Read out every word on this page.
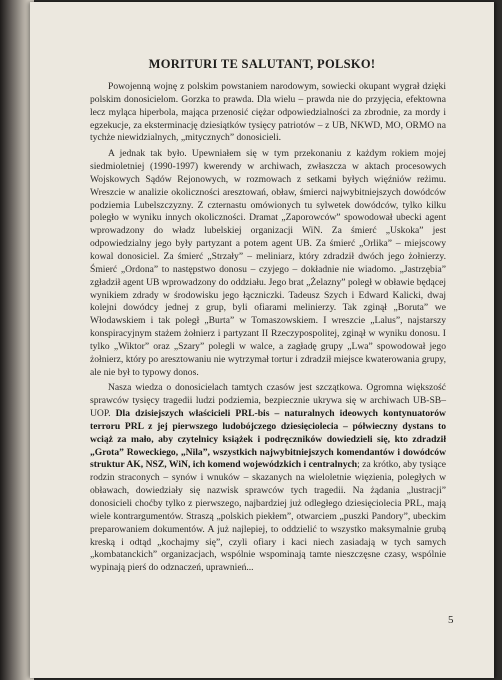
MORITURI TE SALUTANT, POLSKO!

Powojenną wojnę z polskim powstaniem narodowym, sowiecki okupant wygrał dzięki polskim donosicielom. Gorzka to prawda. Dla wielu – prawda nie do przyjęcia, efektowna lecz myląca hiperbola, mająca przenosić ciężar odpowiedzialności za zbrodnie, za mordy i egzekucje, za eksterminację dziesiątków tysięcy patriotów – z UB, NKWD, MO, ORMO na tychże niewidzialnych, „mitycznych” donosicieli.

A jednak tak było. Upewniałem się w tym przekonaniu z każdym rokiem mojej siedmioletniej (1990-1997) kwerendy w archiwach, zwłaszcza w aktach procesowych Wojskowych Sądów Rejonowych, w rozmowach z setkami byłych więźniów reżimu. Wreszcie w analizie okoliczności aresztowań, obław, śmierci najwybitniejszych dowódców podziemia Lubelszczyzny. Z czternastu omówionych tu sylwetek dowódców, tylko kilku poległo w wyniku innych okoliczności. Dramat „Zaporowców” spowodował ubecki agent wprowadzony do władz lubelskiej organizacji WiN. Za śmierć „Uskoka” jest odpowiedzialny jego były partyzant a potem agent UB. Za śmierć „Orlika” – miejscowy kowal donosiciel. Za śmierć „Strzały” – meliniarz, który zdradził dwóch jego żołnierzy. Śmierć „Ordona” to następstwo donosu – czyjego – dokładnie nie wiadomo. „Jastrzębia” zgładził agent UB wprowadzony do oddziału. Jego brat „Żelazny” poległ w obławie będącej wynikiem zdrady w środowisku jego łączniczki. Tadeusz Szych i Edward Kalicki, dwaj kolejni dowódcy jednej z grup, byli ofiarami melinierzy. Tak zginął „Boruta” we Włodawskiem i tak poległ „Burta” w Tomaszowskiem. I wreszcie „Lalus”, najstarszy konspiracyjnym stażem żołnierz i partyzant II Rzeczypospolitej, zginął w wyniku donosu. I tylko „Wiktor” oraz „Szary” polegli w walce, a zagładę grupy „Lwa” spowodował jego żołnierz, który po aresztowaniu nie wytrzymał tortur i zdradził miejsce kwaterowania grupy, ale nie był to typowy donos.

Nasza wiedza o donosicielach tamtych czasów jest szczątkowa. Ogromna większość sprawców tysięcy tragedii ludzi podziemia, bezpiecznie ukrywa się w archiwach UB-SB– UOP. Dla dzisiejszych właścicieli PRL-bis – naturalnych ideowych kontynuatorów terroru PRL z jej pierwszego ludobójczego dziesięciolecia – półwieczny dystans to wciąż za mało, aby czytelnicy książek i podręczników dowiedzieli się, kto zdradził „Grota” Roweckiego, „Nila”, wszystkich najwybitniejszych komendantów i dowódców struktur AK, NSZ, WiN, ich komend wojewódzkich i centralnych; za krótko, aby tysiące rodzin straconych – synów i wnuków – skazanych na wieloletnie więzienia, poległych w obławach, dowiedziały się nazwisk sprawców tych tragedii. Na żądania „lustracji” donosicieli choćby tylko z pierwszego, najbardziej już odległego dziesięciolecia PRL, mają wiele kontrargumentów. Straszą „polskich piekłem”, otwarciem „puszki Pandory”, ubeckim preparowaniem dokumentów. A już najlepiej, to oddzielić to wszystko maksymalnie grubą kreską i odtąd „kochajmy się”, czyli ofiary i kaci niech zasiadają w tych samych „kombatanckich” organizacjach, wspólnie wspominają tamte nieszczęsne czasy, wspólnie wypinają pierś do odznaczeń, uprawnień...

5
